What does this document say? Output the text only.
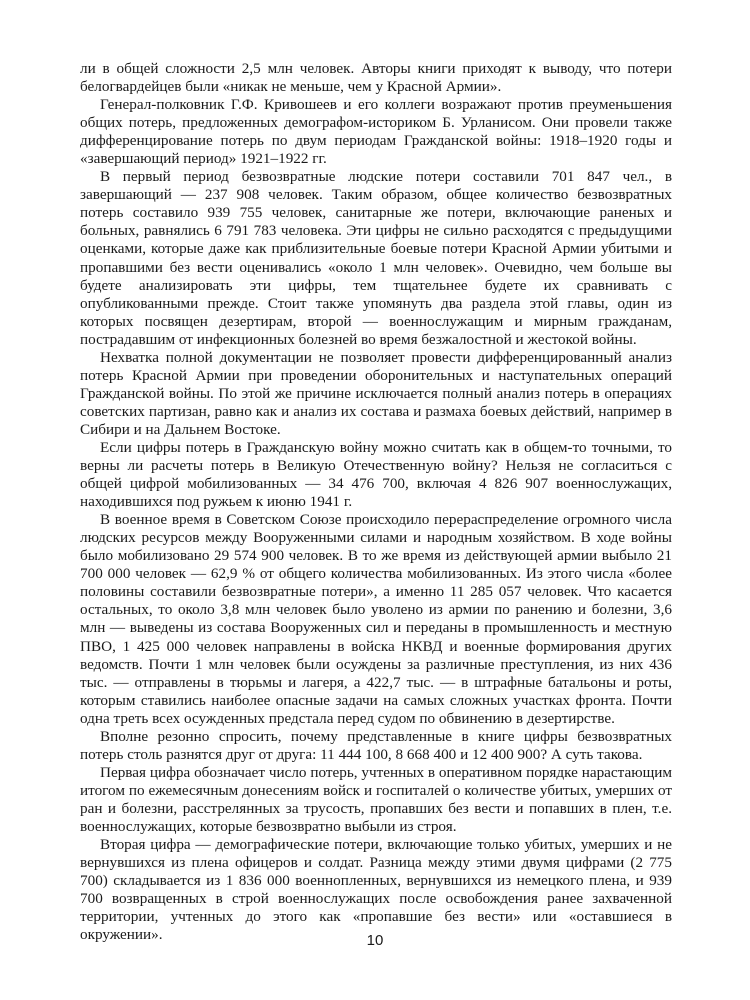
ли в общей сложности 2,5 млн человек. Авторы книги приходят к выводу, что потери белогвардейцев были «никак не меньше, чем у Красной Армии».

Генерал-полковник Г.Ф. Кривошеев и его коллеги возражают против преуменьшения общих потерь, предложенных демографом-историком Б. Урланисом. Они провели также дифференцирование потерь по двум периодам Гражданской войны: 1918–1920 годы и «завершающий период» 1921–1922 гг.

В первый период безвозвратные людские потери составили 701 847 чел., в завершающий — 237 908 человек. Таким образом, общее количество безвозвратных потерь составило 939 755 человек, санитарные же потери, включающие раненых и больных, равнялись 6 791 783 человека. Эти цифры не сильно расходятся с предыдущими оценками, которые даже как приблизительные боевые потери Красной Армии убитыми и пропавшими без вести оценивались «около 1 млн человек». Очевидно, чем больше вы будете анализировать эти цифры, тем тщательнее будете их сравнивать с опубликованными прежде. Стоит также упомянуть два раздела этой главы, один из которых посвящен дезертирам, второй — военнослужащим и мирным гражданам, пострадавшим от инфекционных болезней во время безжалостной и жестокой войны.

Нехватка полной документации не позволяет провести дифференцированный анализ потерь Красной Армии при проведении оборонительных и наступательных операций Гражданской войны. По этой же причине исключается полный анализ потерь в операциях советских партизан, равно как и анализ их состава и размаха боевых действий, например в Сибири и на Дальнем Востоке.

Если цифры потерь в Гражданскую войну можно считать как в общем-то точными, то верны ли расчеты потерь в Великую Отечественную войну? Нельзя не согласиться с общей цифрой мобилизованных — 34 476 700, включая 4 826 907 военнослужащих, находившихся под ружьем к июню 1941 г.

В военное время в Советском Союзе происходило перераспределение огромного числа людских ресурсов между Вооруженными силами и народным хозяйством. В ходе войны было мобилизовано 29 574 900 человек. В то же время из действующей армии выбыло 21 700 000 человек — 62,9 % от общего количества мобилизованных. Из этого числа «более половины составили безвозвратные потери», а именно 11 285 057 человек. Что касается остальных, то около 3,8 млн человек было уволено из армии по ранению и болезни, 3,6 млн — выведены из состава Вооруженных сил и переданы в промышленность и местную ПВО, 1 425 000 человек направлены в войска НКВД и военные формирования других ведомств. Почти 1 млн человек были осуждены за различные преступления, из них 436 тыс. — отправлены в тюрьмы и лагеря, а 422,7 тыс. — в штрафные батальоны и роты, которым ставились наиболее опасные задачи на самых сложных участках фронта. Почти одна треть всех осужденных предстала перед судом по обвинению в дезертирстве.

Вполне резонно спросить, почему представленные в книге цифры безвозвратных потерь столь разнятся друг от друга: 11 444 100, 8 668 400 и 12 400 900? А суть такова.

Первая цифра обозначает число потерь, учтенных в оперативном порядке нарастающим итогом по ежемесячным донесениям войск и госпиталей о количестве убитых, умерших от ран и болезни, расстрелянных за трусость, пропавших без вести и попавших в плен, т.е. военнослужащих, которые безвозвратно выбыли из строя.

Вторая цифра — демографические потери, включающие только убитых, умерших и не вернувшихся из плена офицеров и солдат. Разница между этими двумя цифрами (2 775 700) складывается из 1 836 000 военнопленных, вернувшихся из немецкого плена, и 939 700 возвращенных в строй военнослужащих после освобождения ранее захваченной территории, учтенных до этого как «пропавшие без вести» или «оставшиеся в окружении».	10
